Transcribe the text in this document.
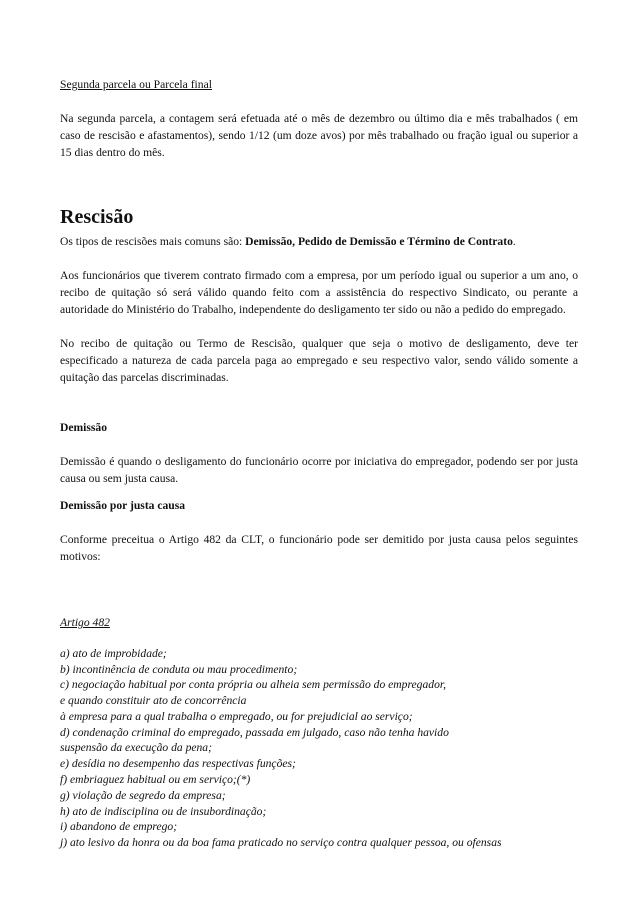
Segunda parcela ou Parcela final

Na segunda parcela, a contagem será efetuada até o mês de dezembro ou último dia e mês trabalhados ( em caso de rescisão e afastamentos), sendo 1/12 (um doze avos) por mês trabalhado ou fração igual ou superior a 15 dias dentro do mês.

Rescisão

Os tipos de rescisões mais comuns são: Demissão, Pedido de Demissão e Término de Contrato.

Aos funcionários que tiverem contrato firmado com a empresa, por um período igual ou superior a um ano, o recibo de quitação só será válido quando feito com a assistência do respectivo Sindicato, ou perante a autoridade do Ministério do Trabalho, independente do desligamento ter sido ou não a pedido do empregado.

No recibo de quitação ou Termo de Rescisão, qualquer que seja o motivo de desligamento, deve ter especificado a natureza de cada parcela paga ao empregado e seu respectivo valor, sendo válido somente a quitação das parcelas discriminadas.

Demissão

Demissão é quando o desligamento do funcionário ocorre por iniciativa do empregador, podendo ser por justa causa ou sem justa causa.

Demissão por justa causa

Conforme preceitua o Artigo 482 da CLT, o funcionário pode ser demitido por justa causa pelos seguintes motivos:

Artigo 482
a) ato de improbidade;
b) incontinência de conduta ou mau procedimento;
c) negociação habitual por conta própria ou alheia sem permissão do empregador,
e quando constituir ato de concorrência
à empresa para a qual trabalha o empregado, ou for prejudicial ao serviço;
d) condenação criminal do empregado, passada em julgado, caso não tenha havido
suspensão da execução da pena;
e) desídia no desempenho das respectivas funções;
f) embriaguez habitual ou em serviço;(*)
g) violação de segredo da empresa;
h) ato de indisciplina ou de insubordinação;
i) abandono de emprego;
j) ato lesivo da honra ou da boa fama praticado no serviço contra qualquer pessoa, ou ofensas
